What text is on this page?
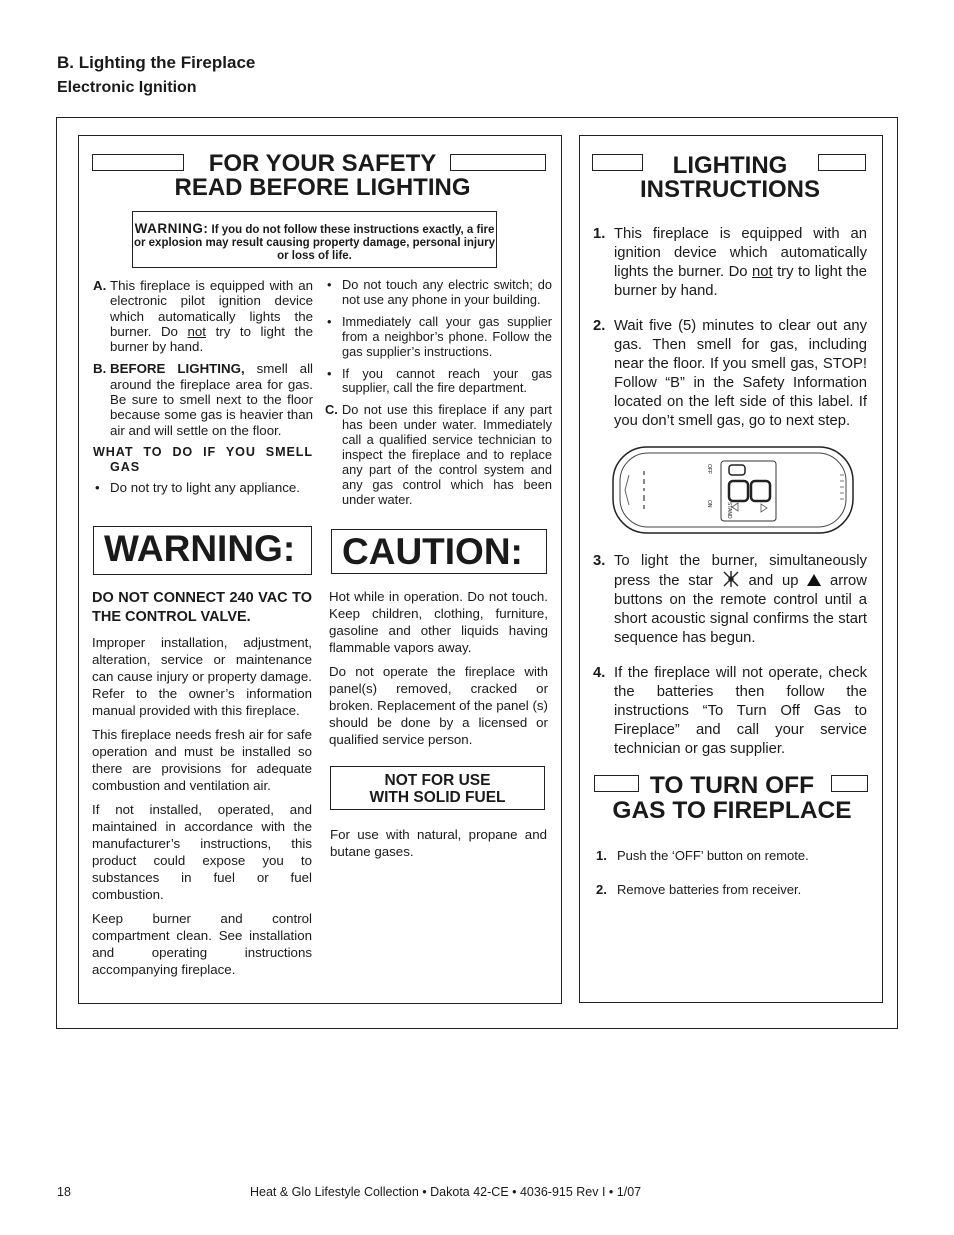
B. Lighting the Fireplace
Electronic Ignition
FOR YOUR SAFETY
READ BEFORE LIGHTING
WARNING: If you do not follow these instructions exactly, a fire or explosion may result causing property damage, personal injury or loss of life.

A. This fireplace is equipped with an electronic pilot ignition device which automatically lights the burner. Do not try to light the burner by hand.

B. BEFORE LIGHTING, smell all around the fireplace area for gas. Be sure to smell next to the floor because some gas is heavier than air and will settle on the floor.

WHAT TO DO IF YOU SMELL GAS

• Do not try to light any appliance.

• Do not touch any electric switch; do not use any phone in your building.

• Immediately call your gas supplier from a neighbor’s phone. Follow the gas supplier’s instructions.

• If you cannot reach your gas supplier, call the fire department.

C. Do not use this fireplace if any part has been under water. Immediately call a qualified service technician to inspect the fireplace and to replace any part of the control system and any gas control which has been under water.

WARNING:

DO NOT CONNECT 240 VAC TO THE CONTROL VALVE.

Improper installation, adjustment, alteration, service or maintenance can cause injury or property damage. Refer to the owner’s information manual provided with this fireplace.

This fireplace needs fresh air for safe operation and must be installed so there are provisions for adequate combustion and ventilation air.

If not installed, operated, and maintained in accordance with the manufacturer’s instructions, this product could expose you to substances in fuel or fuel combustion.

Keep burner and control compartment clean. See installation and operating instructions accompanying fireplace.

CAUTION:

Hot while in operation. Do not touch. Keep children, clothing, furniture, gasoline and other liquids having flammable vapors away.

Do not operate the fireplace with panel(s) removed, cracked or broken. Replacement of the panel (s) should be done by a licensed or qualified service person.

NOT FOR USE
WITH SOLID FUEL
For use with natural, propane and butane gases.
LIGHTING
INSTRUCTIONS

1. This fireplace is equipped with an ignition device which automatically lights the burner. Do not try to light the burner by hand.

2. Wait five (5) minutes to clear out any gas. Then smell for gas, including near the floor. If you smell gas, STOP! Follow “B” in the Safety Information located on the left side of this label. If you don’t smell gas, go to next step.

OFF
ON	STAND

3. To light the burner, simultaneously press the star  and up  arrow buttons on the remote control until a short acoustic signal confirms the start sequence has begun.

4. If the fireplace will not operate, check the batteries then follow the instructions “To Turn Off Gas to Fireplace” and call your service technician or gas supplier.

TO TURN OFF
GAS TO FIREPLACE
1. Push the ‘OFF’ button on remote.
2. Remove batteries from receiver.
18	Heat & Glo Lifestyle Collection • Dakota 42-CE • 4036-915 Rev I • 1/07
